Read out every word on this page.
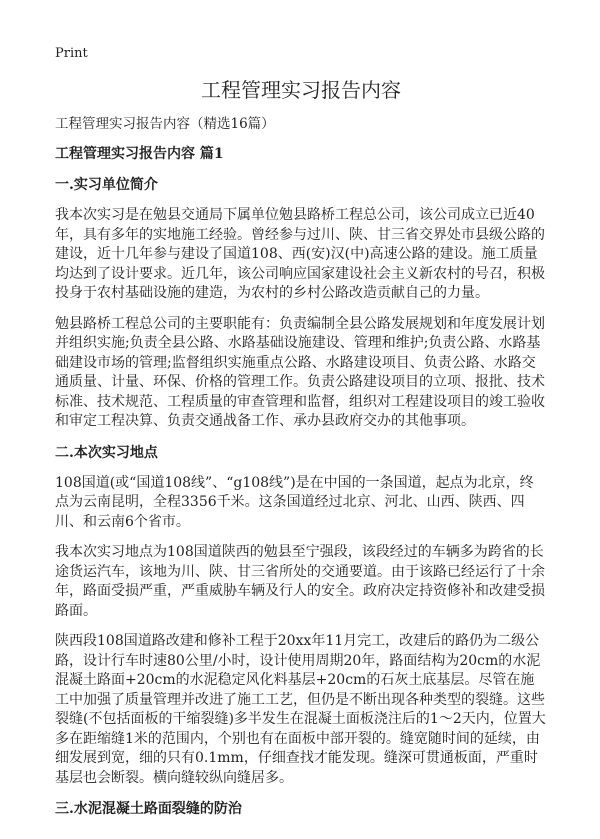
Print
工程管理实习报告内容
工程管理实习报告内容（精选16篇）
工程管理实习报告内容 篇1
一.实习单位简介

我本次实习是在勉县交通局下属单位勉县路桥工程总公司，该公司成立已近40年，具有多年的实地施工经验。曾经参与过川、陕、甘三省交界处市县级公路的建设，近十几年参与建设了国道108、西(安)汉(中)高速公路的建设。施工质量均达到了设计要求。近几年，该公司响应国家建设社会主义新农村的号召，积极投身于农村基础设施的建造，为农村的乡村公路改造贡献自己的力量。

勉县路桥工程总公司的主要职能有：负责编制全县公路发展规划和年度发展计划并组织实施;负责全县公路、水路基础设施建设、管理和维护;负责公路、水路基础建设市场的管理;监督组织实施重点公路、水路建设项目、负责公路、水路交通质量、计量、环保、价格的管理工作。负责公路建设项目的立项、报批、技术标准、技术规范、工程质量的审查管理和监督，组织对工程建设项目的竣工验收和审定工程决算、负责交通战备工作、承办县政府交办的其他事项。

二.本次实习地点

108国道(或“国道108线”、“g108线”)是在中国的一条国道，起点为北京，终点为云南昆明，全程3356千米。这条国道经过北京、河北、山西、陕西、四川、和云南6个省市。

我本次实习地点为108国道陕西的勉县至宁强段，该段经过的车辆多为跨省的长途货运汽车，该地为川、陕、甘三省所处的交通要道。由于该路已经运行了十余年，路面受损严重，严重威胁车辆及行人的安全。政府决定持资修补和改建受损路面。

陕西段108国道路改建和修补工程于20xx年11月完工，改建后的路仍为二级公路，设计行车时速80公里/小时，设计使用周期20年，路面结构为20cm的水泥混凝土路面+20cm的水泥稳定风化料基层+20cm的石灰土底基层。尽管在施工中加强了质量管理并改进了施工工艺，但仍是不断出现各种类型的裂缝。这些裂缝(不包括面板的干缩裂缝)多半发生在混凝土面板浇注后的1～2天内，位置大多在距缩缝1米的范围内，个别也有在面板中部开裂的。缝宽随时间的延续，由细发展到宽，细的只有0.1mm，仔细查找才能发现。缝深可贯通板面，严重时基层也会断裂。横向缝较纵向缝居多。

三.水泥混凝土路面裂缝的防治
